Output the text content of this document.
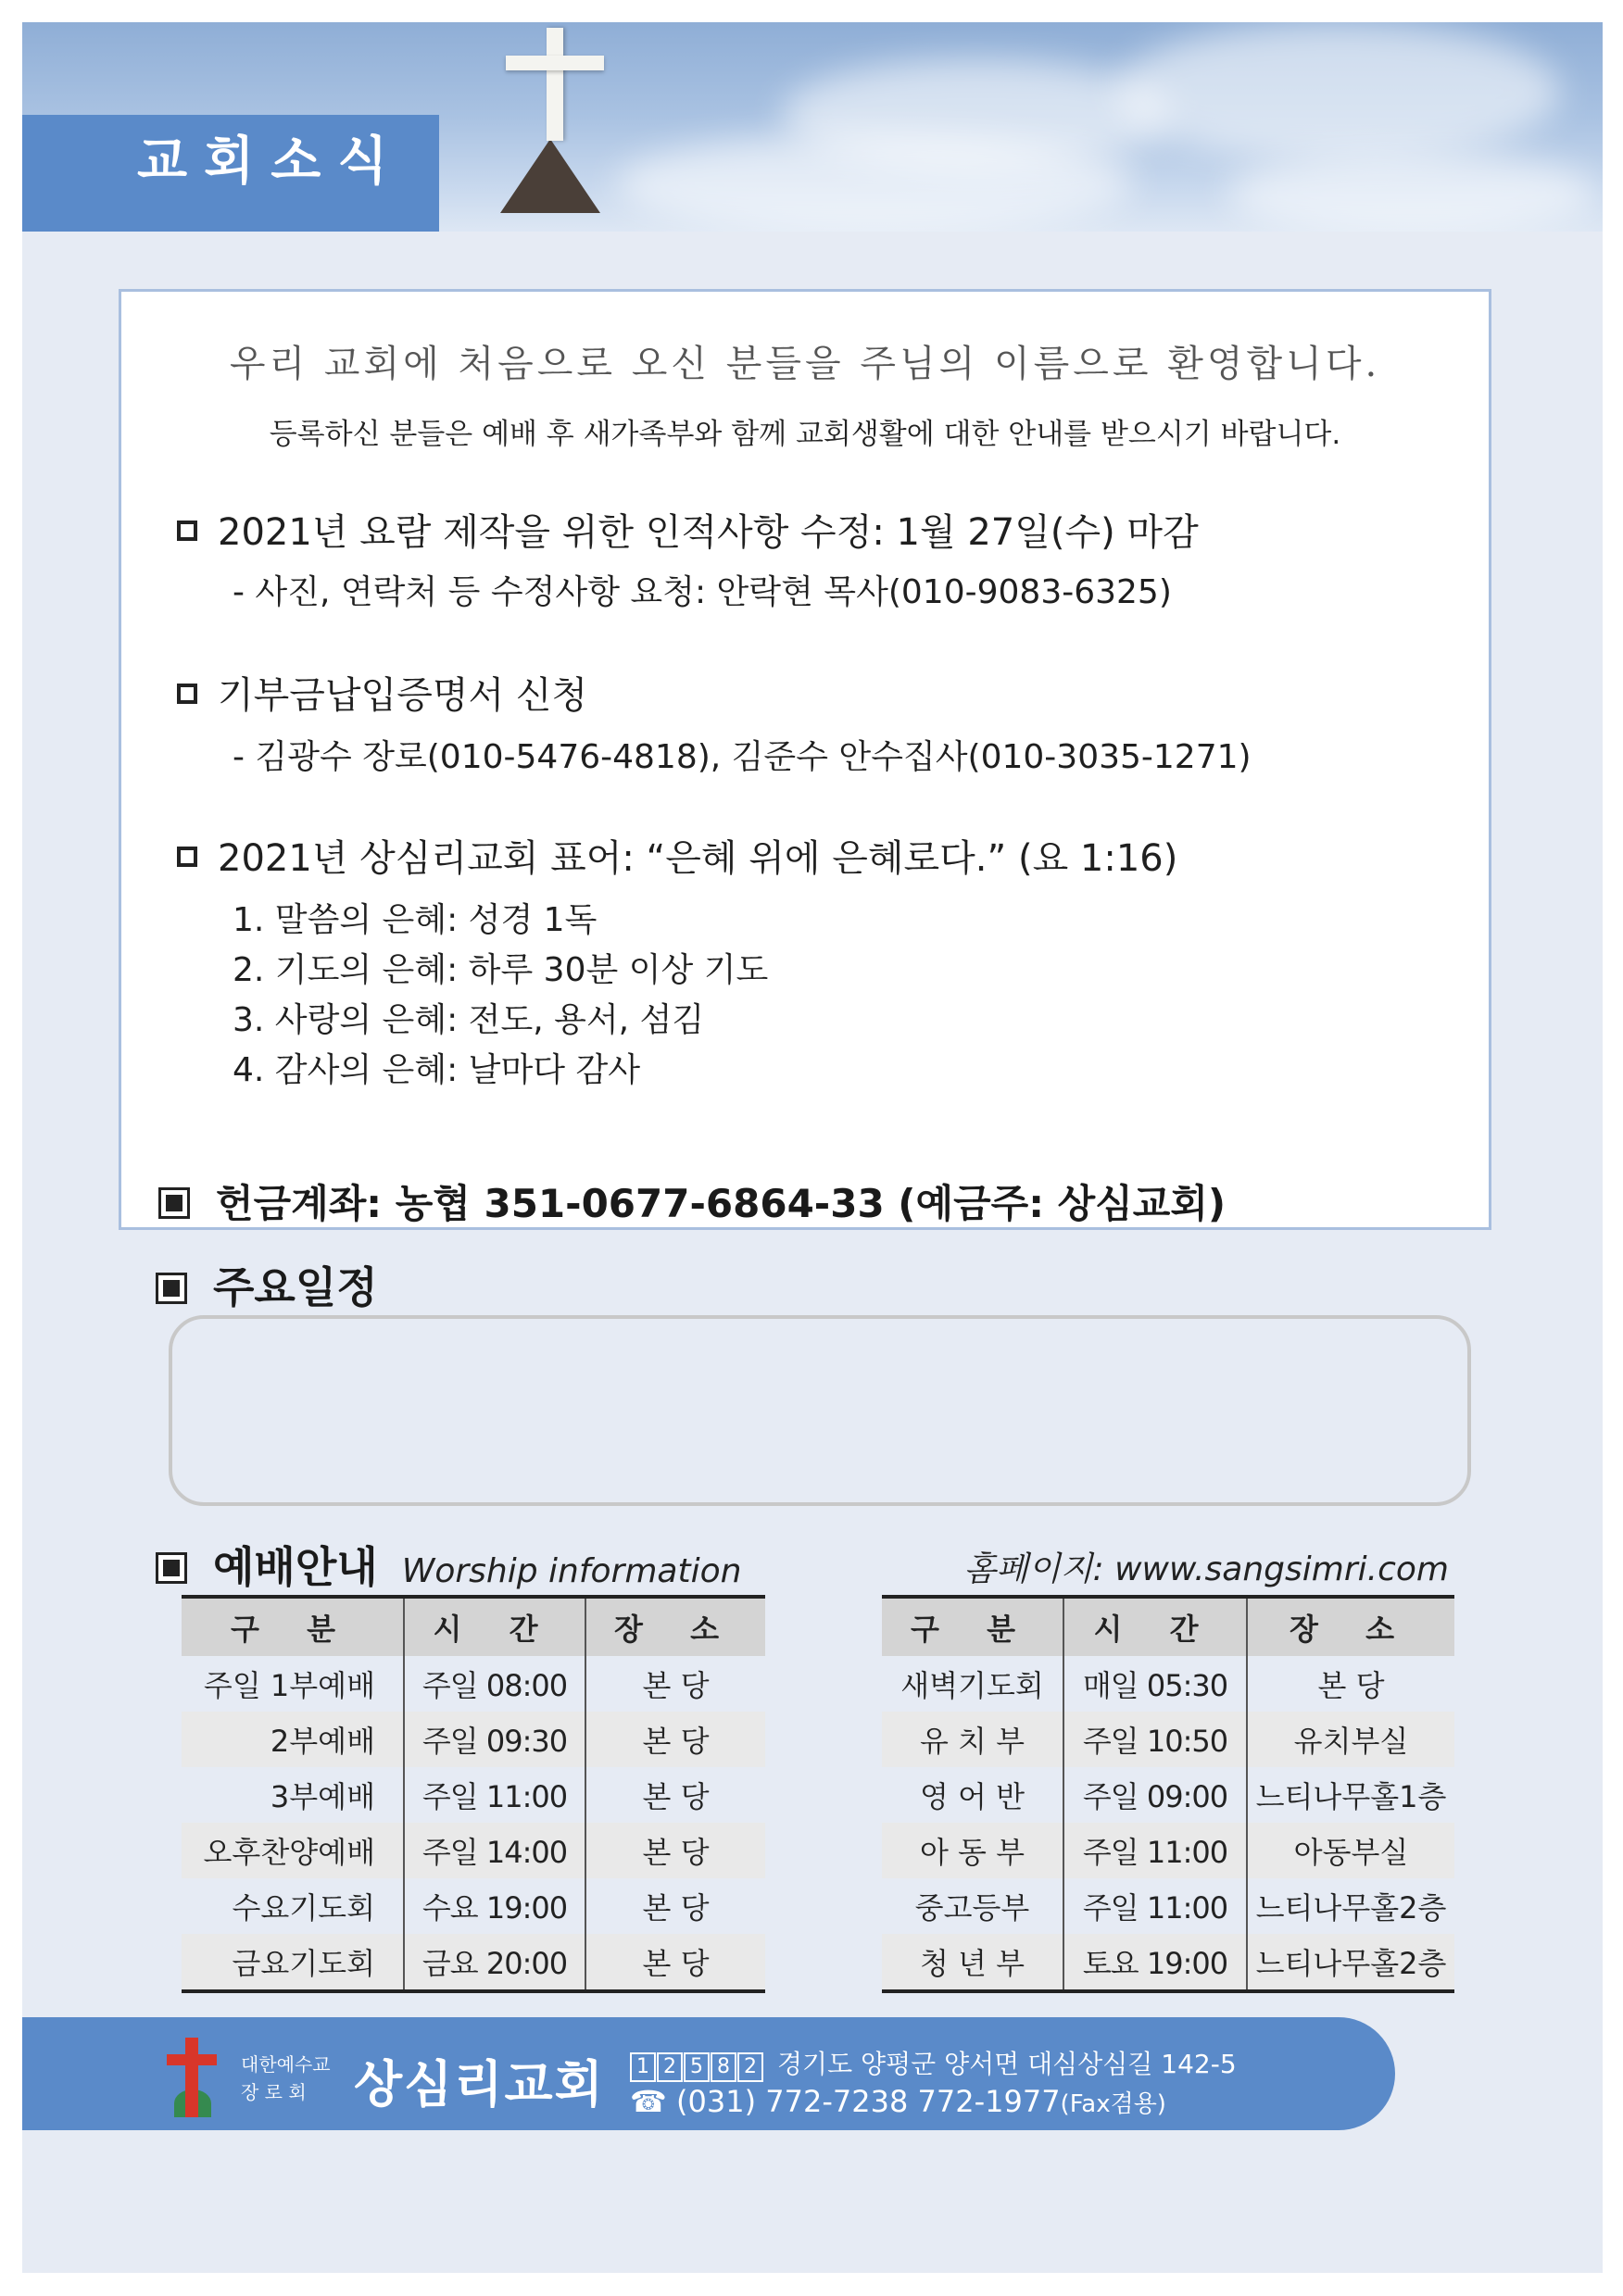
교회소식
우리 교회에 처음으로 오신 분들을 주님의 이름으로 환영합니다.
등록하신 분들은 예배 후 새가족부와 함께 교회생활에 대한 안내를 받으시기 바랍니다.
2021년 요람 제작을 위한 인적사항 수정: 1월 27일(수) 마감
- 사진, 연락처 등 수정사항 요청: 안락현 목사(010-9083-6325)
기부금납입증명서 신청
- 김광수 장로(010-5476-4818), 김준수 안수집사(010-3035-1271)
2021년 상심리교회 표어: “은혜 위에 은혜로다.” (요 1:16)
1. 말씀의 은혜: 성경 1독
2. 기도의 은혜: 하루 30분 이상 기도
3. 사랑의 은혜: 전도, 용서, 섬김
4. 감사의 은혜: 날마다 감사
헌금계좌: 농협 351-0677-6864-33 (예금주: 상심교회)
주요일정
예배안내 Worship information	홈페이지: www.sangsimri.com
구 분	시 간	장 소
주일 1부예배	주일 08:00	본 당
2부예배	주일 09:30	본 당
3부예배	주일 11:00	본 당
오후찬양예배	주일 14:00	본 당
수요기도회	수요 19:00	본 당
금요기도회	금요 20:00	본 당
구 분	시 간	장 소
새벽기도회	매일 05:30	본 당
유 치 부	주일 10:50	유치부실
영 어 반	주일 09:00	느티나무홀1층
아 동 부	주일 11:00	아동부실
중고등부	주일 11:00	느티나무홀2층
청 년 부	토요 19:00	느티나무홀2층
대한예수교
장 로 회 상심리교회	1 2 5 8 2 경기도 양평군 양서면 대심상심길 142-5
☎ (031) 772-7238 772-1977(Fax겸용)
